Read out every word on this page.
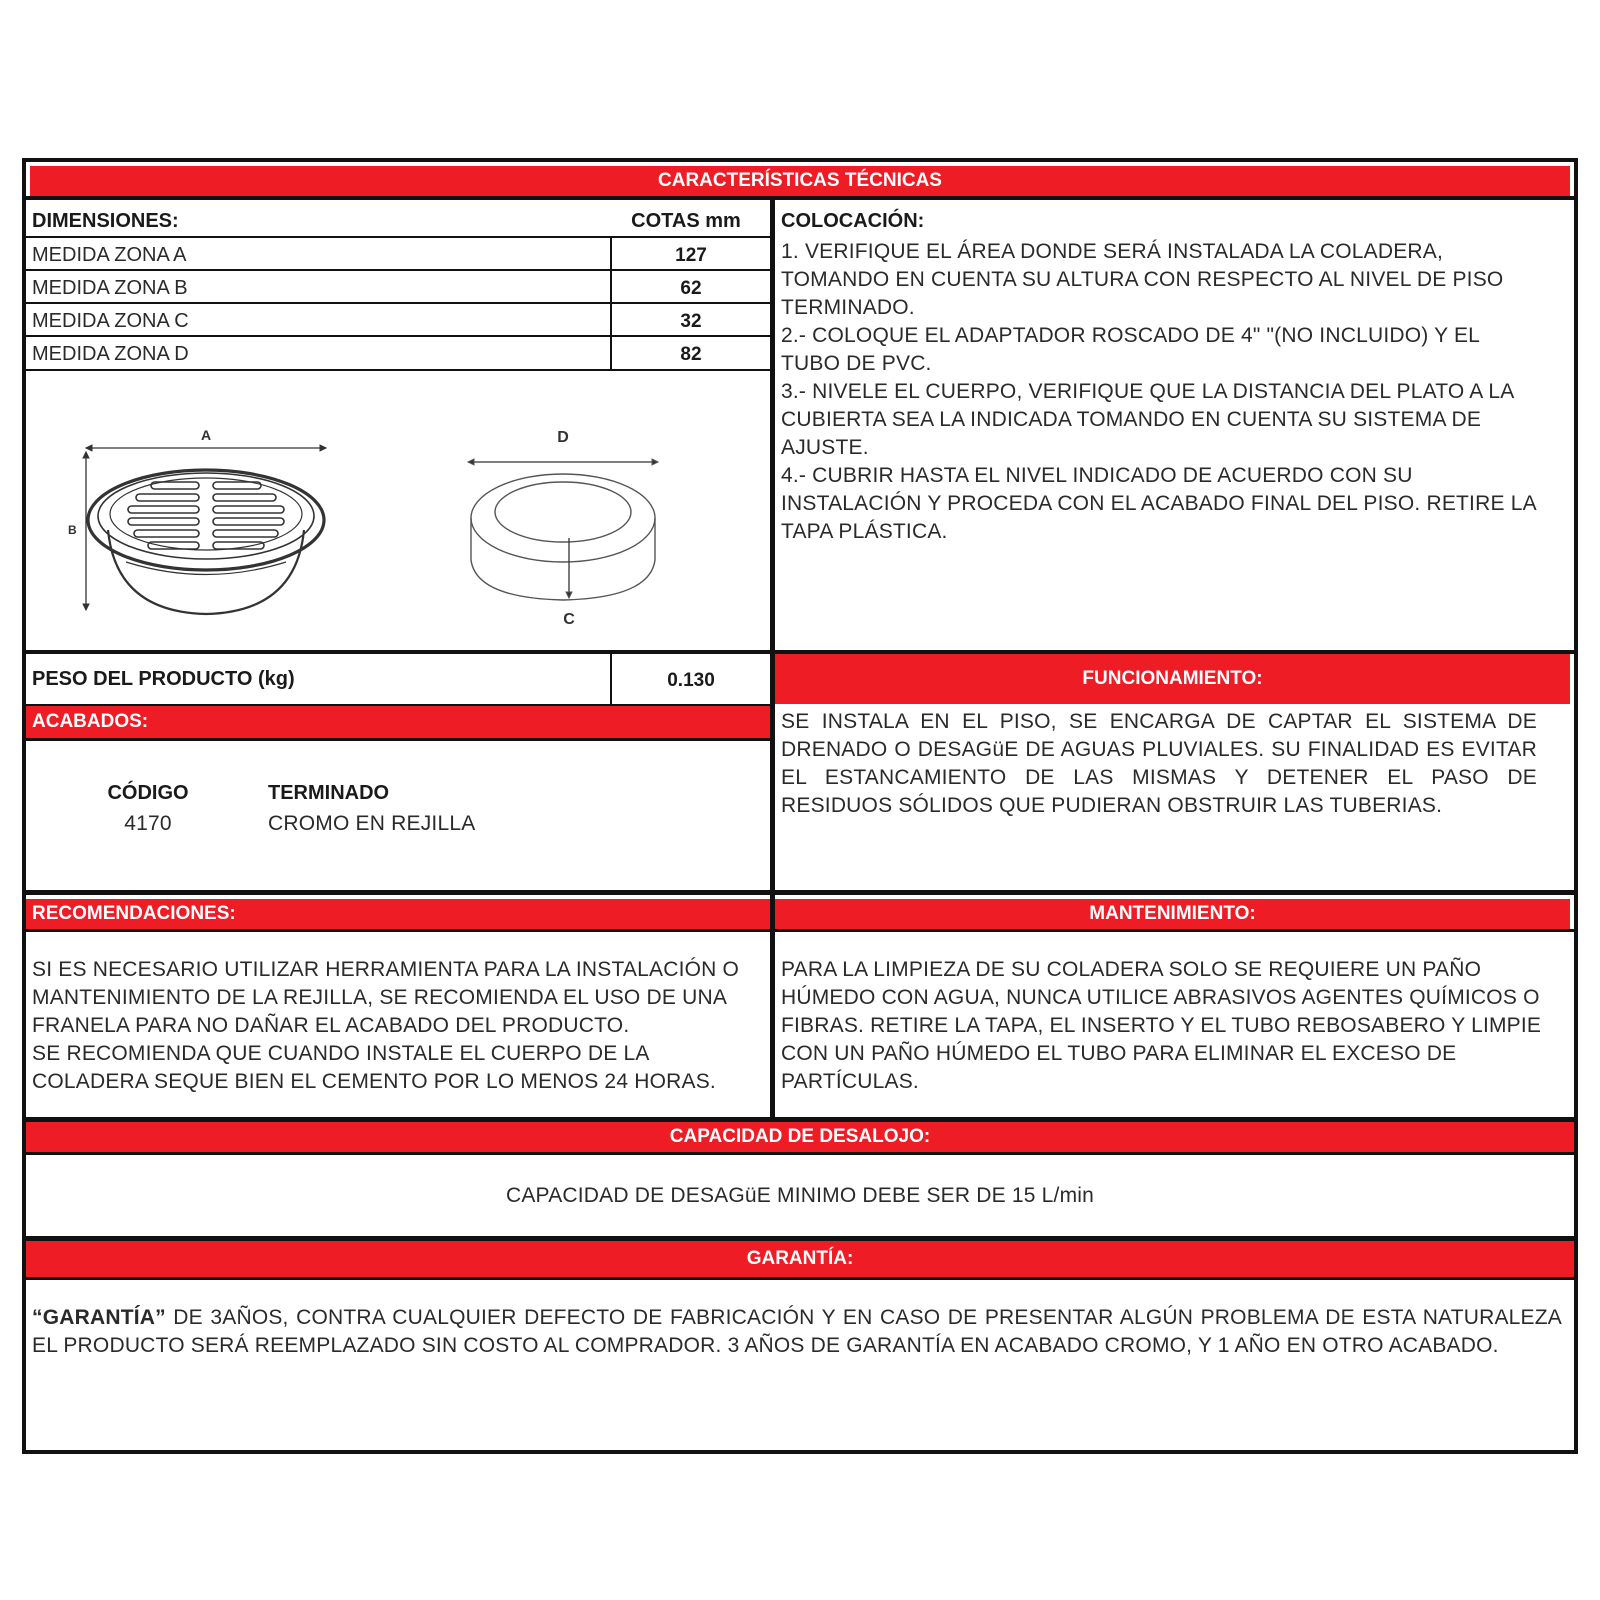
CARACTERÍSTICAS TÉCNICAS
DIMENSIONES:	COTAS mm
MEDIDA ZONA A	127
MEDIDA ZONA B	62
MEDIDA ZONA C	32
MEDIDA ZONA D	82
A
B
D
C
COLOCACIÓN:
1. VERIFIQUE EL ÁREA DONDE SERÁ INSTALADA LA COLADERA, TOMANDO EN CUENTA SU ALTURA CON RESPECTO AL NIVEL DE PISO TERMINADO.
2.- COLOQUE EL ADAPTADOR ROSCADO DE 4" "(NO INCLUIDO) Y EL TUBO DE PVC.
3.- NIVELE EL CUERPO, VERIFIQUE QUE LA DISTANCIA DEL PLATO A LA CUBIERTA SEA LA INDICADA TOMANDO EN CUENTA SU SISTEMA DE AJUSTE.
4.- CUBRIR HASTA EL NIVEL INDICADO DE ACUERDO CON SU INSTALACIÓN Y PROCEDA CON EL ACABADO FINAL DEL PISO. RETIRE LA TAPA PLÁSTICA.
PESO DEL PRODUCTO (kg)	0.130	FUNCIONAMIENTO:
ACABADOS:
CÓDIGO	TERMINADO
4170	CROMO EN REJILLA
SE INSTALA EN EL PISO, SE ENCARGA DE CAPTAR EL SISTEMA DE DRENADO O DESAGüE DE AGUAS PLUVIALES. SU FINALIDAD ES EVITAR EL ESTANCAMIENTO DE LAS MISMAS Y DETENER EL PASO DE RESIDUOS SÓLIDOS QUE PUDIERAN OBSTRUIR LAS TUBERIAS.
RECOMENDACIONES:	MANTENIMIENTO:
SI ES NECESARIO UTILIZAR HERRAMIENTA PARA LA INSTALACIÓN O MANTENIMIENTO DE LA REJILLA, SE RECOMIENDA EL USO DE UNA FRANELA PARA NO DAÑAR EL ACABADO DEL PRODUCTO.
SE RECOMIENDA QUE CUANDO INSTALE EL CUERPO DE LA COLADERA SEQUE BIEN EL CEMENTO POR LO MENOS 24 HORAS.
PARA LA LIMPIEZA DE SU COLADERA SOLO SE REQUIERE UN PAÑO HÚMEDO CON AGUA, NUNCA UTILICE ABRASIVOS AGENTES QUÍMICOS O FIBRAS. RETIRE LA TAPA, EL INSERTO Y EL TUBO REBOSABERO Y LIMPIE CON UN PAÑO HÚMEDO EL TUBO PARA ELIMINAR EL EXCESO DE PARTÍCULAS.
CAPACIDAD DE DESALOJO:
CAPACIDAD DE DESAGüE MINIMO DEBE SER DE 15 L/min
GARANTÍA:
“GARANTÍA” DE 3AÑOS, CONTRA CUALQUIER DEFECTO DE FABRICACIÓN Y EN CASO DE PRESENTAR ALGÚN PROBLEMA DE ESTA NATURALEZA EL PRODUCTO SERÁ REEMPLAZADO SIN COSTO AL COMPRADOR. 3 AÑOS DE GARANTÍA EN ACABADO CROMO, Y 1 AÑO EN OTRO ACABADO.
